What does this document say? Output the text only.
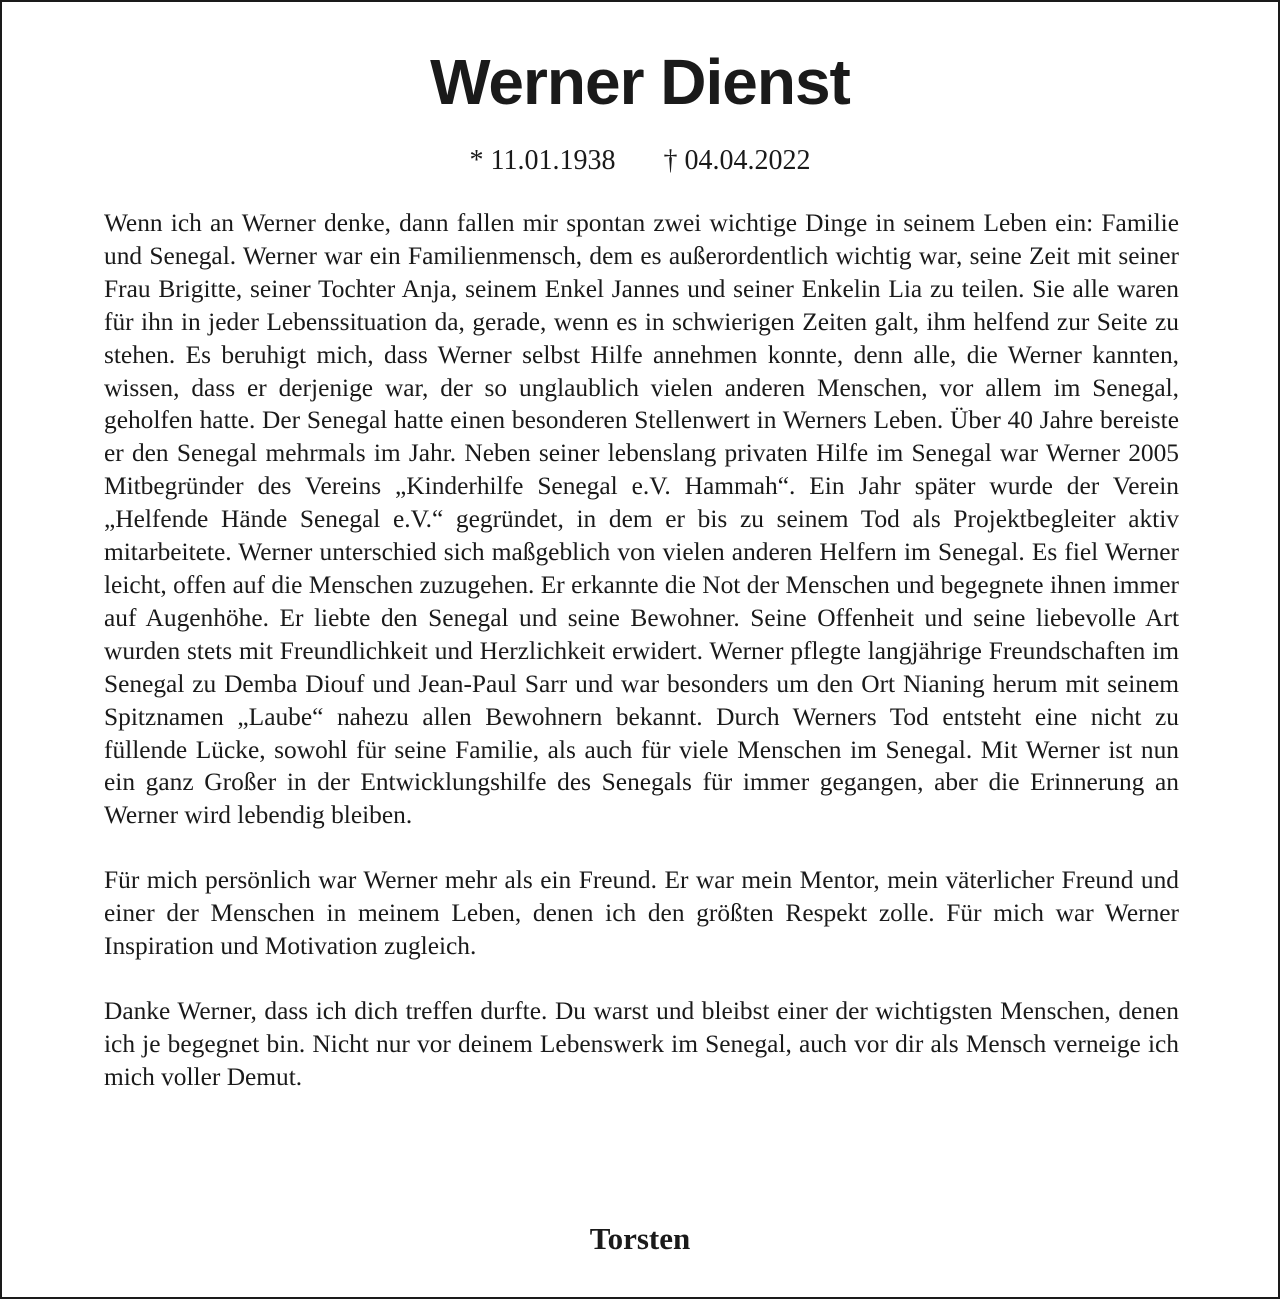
Werner Dienst
* 11.01.1938 † 04.04.2022

Wenn ich an Werner denke, dann fallen mir spontan zwei wichtige Dinge in seinem Leben ein: Familie und Senegal. Werner war ein Familienmensch, dem es außerordentlich wichtig war, seine Zeit mit seiner Frau Brigitte, seiner Tochter Anja, seinem Enkel Jannes und seiner Enkelin Lia zu teilen. Sie alle waren für ihn in jeder Lebenssituation da, gerade, wenn es in schwierigen Zeiten galt, ihm helfend zur Seite zu stehen. Es beruhigt mich, dass Werner selbst Hilfe annehmen konnte, denn alle, die Werner kannten, wissen, dass er derjenige war, der so unglaublich vielen anderen Menschen, vor allem im Senegal, geholfen hatte. Der Senegal hatte einen besonderen Stellenwert in Werners Leben. Über 40 Jahre bereiste er den Senegal mehrmals im Jahr. Neben seiner lebenslang privaten Hilfe im Senegal war Werner 2005 Mitbegründer des Vereins „Kinderhilfe Senegal e.V. Hammah“. Ein Jahr später wurde der Verein „Helfende Hände Senegal e.V.“ gegründet, in dem er bis zu seinem Tod als Projektbegleiter aktiv mitarbeitete. Werner unterschied sich maßgeblich von vielen anderen Helfern im Senegal. Es fiel Werner leicht, offen auf die Menschen zuzugehen. Er erkannte die Not der Menschen und begegnete ihnen immer auf Augenhöhe. Er liebte den Senegal und seine Bewohner. Seine Offenheit und seine liebevolle Art wurden stets mit Freundlichkeit und Herzlichkeit erwidert. Werner pflegte langjährige Freundschaften im Senegal zu Demba Diouf und Jean-Paul Sarr und war besonders um den Ort Nianing herum mit seinem Spitznamen „Laube“ nahezu allen Bewohnern bekannt. Durch Werners Tod entsteht eine nicht zu füllende Lücke, sowohl für seine Familie, als auch für viele Menschen im Senegal. Mit Werner ist nun ein ganz Großer in der Entwicklungshilfe des Senegals für immer gegangen, aber die Erinnerung an Werner wird lebendig bleiben.

Für mich persönlich war Werner mehr als ein Freund. Er war mein Mentor, mein väterlicher Freund und einer der Menschen in meinem Leben, denen ich den größten Respekt zolle. Für mich war Werner Inspiration und Motivation zugleich.

Danke Werner, dass ich dich treffen durfte. Du warst und bleibst einer der wichtigsten Menschen, denen ich je begegnet bin. Nicht nur vor deinem Lebenswerk im Senegal, auch vor dir als Mensch verneige ich mich voller Demut.

Torsten
